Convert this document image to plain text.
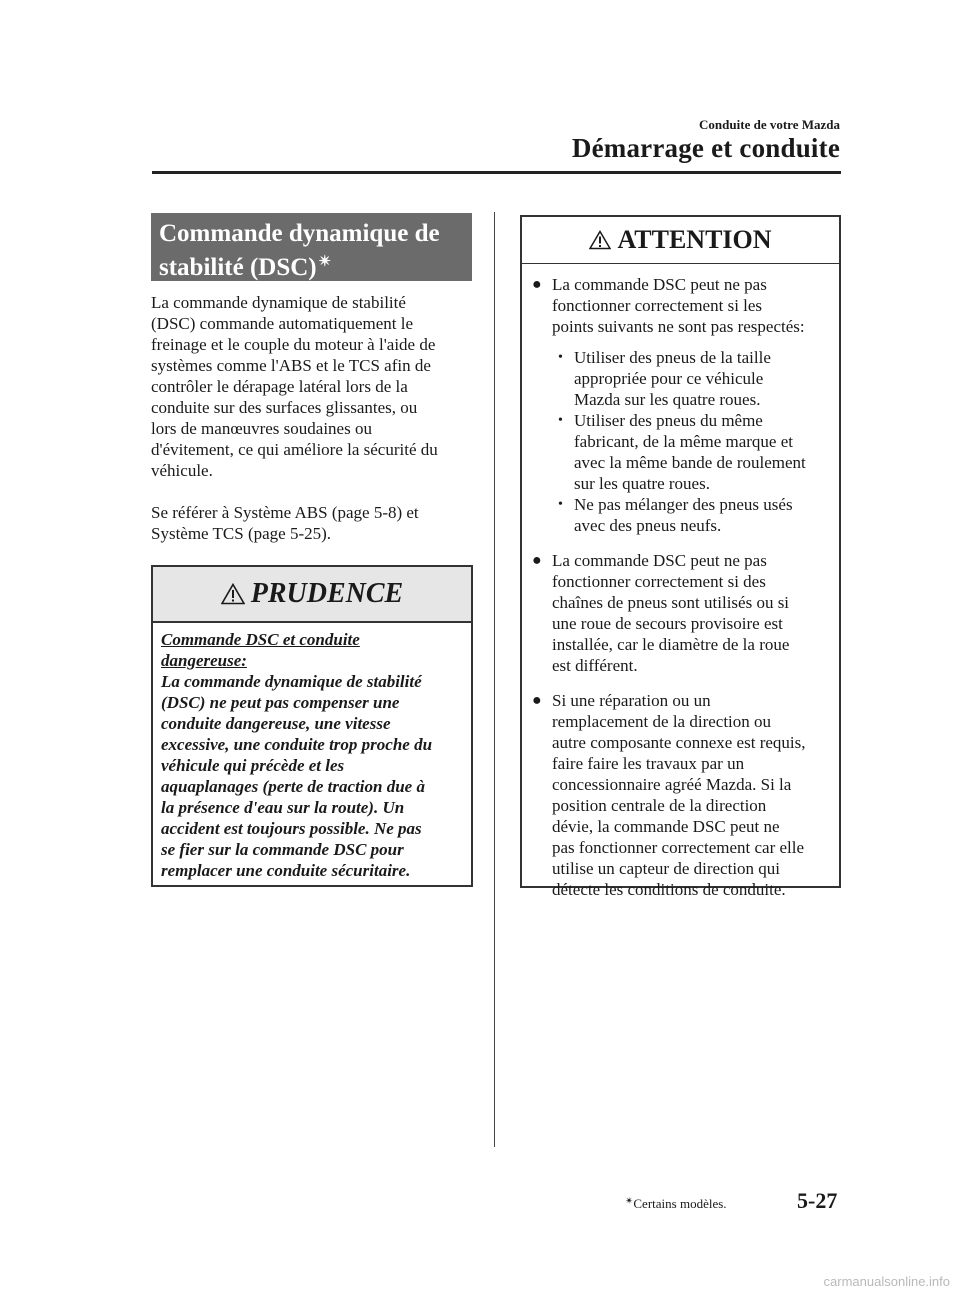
Conduite de votre Mazda
Démarrage et conduite
Commande dynamique de
stabilité (DSC) ✴
La commande dynamique de stabilité
(DSC) commande automatiquement le
freinage et le couple du moteur à l'aide de
systèmes comme l'ABS et le TCS afin de
contrôler le dérapage latéral lors de la
conduite sur des surfaces glissantes, ou
lors de manœuvres soudaines ou
d'évitement, ce qui améliore la sécurité du
véhicule.
Se référer à Système ABS (page 5-8) et
Système TCS (page 5-25).
PRUDENCE
Commande DSC et conduite
dangereuse:
La commande dynamique de stabilité
(DSC) ne peut pas compenser une
conduite dangereuse, une vitesse
excessive, une conduite trop proche du
véhicule qui précède et les
aquaplanages (perte de traction due à
la présence d'eau sur la route). Un
accident est toujours possible. Ne pas
se fier sur la commande DSC pour
remplacer une conduite sécuritaire.
ATTENTION
● La commande DSC peut ne pas
fonctionner correctement si les
points suivants ne sont pas respectés:
• Utiliser des pneus de la taille
appropriée pour ce véhicule
Mazda sur les quatre roues.
• Utiliser des pneus du même
fabricant, de la même marque et
avec la même bande de roulement
sur les quatre roues.
• Ne pas mélanger des pneus usés
avec des pneus neufs.
● La commande DSC peut ne pas
fonctionner correctement si des
chaînes de pneus sont utilisés ou si
une roue de secours provisoire est
installée, car le diamètre de la roue
est différent.
● Si une réparation ou un
remplacement de la direction ou
autre composante connexe est requis,
faire faire les travaux par un
concessionnaire agréé Mazda. Si la
position centrale de la direction
dévie, la commande DSC peut ne
pas fonctionner correctement car elle
utilise un capteur de direction qui
détecte les conditions de conduite.
✴Certains modèles.	5-27
carmanualsonline.info
